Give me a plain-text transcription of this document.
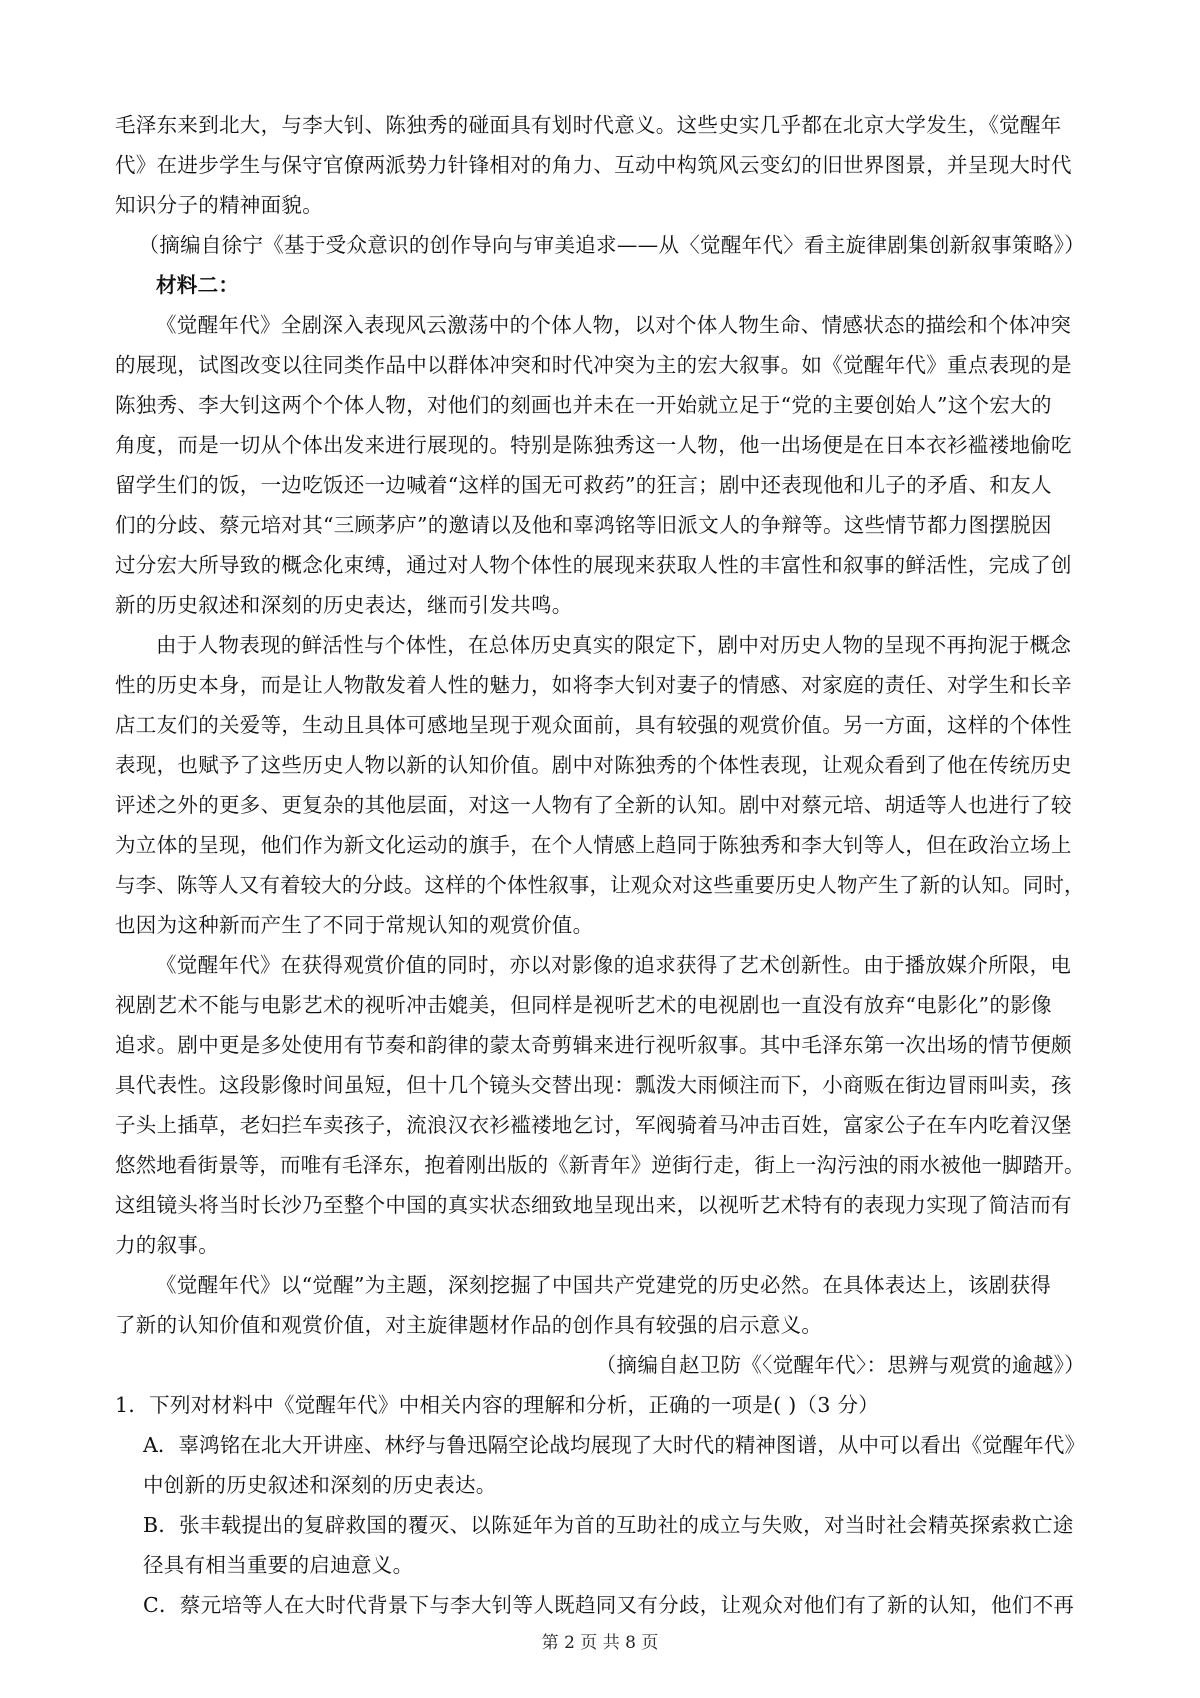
毛泽东来到北大，与李大钊、陈独秀的碰面具有划时代意义。这些史实几乎都在北京大学发生，《觉醒年
代》在进步学生与保守官僚两派势力针锋相对的角力、互动中构筑风云变幻的旧世界图景，并呈现大时代
知识分子的精神面貌。
（摘编自徐宁《基于受众意识的创作导向与审美追求——从〈觉醒年代〉看主旋律剧集创新叙事策略》）
材料二：
《觉醒年代》全剧深入表现风云激荡中的个体人物，以对个体人物生命、情感状态的描绘和个体冲突
的展现，试图改变以往同类作品中以群体冲突和时代冲突为主的宏大叙事。如《觉醒年代》重点表现的是
陈独秀、李大钊这两个个体人物，对他们的刻画也并未在一开始就立足于“党的主要创始人”这个宏大的
角度，而是一切从个体出发来进行展现的。特别是陈独秀这一人物，他一出场便是在日本衣衫褴褛地偷吃
留学生们的饭，一边吃饭还一边喊着“这样的国无可救药”的狂言；剧中还表现他和儿子的矛盾、和友人
们的分歧、蔡元培对其“三顾茅庐”的邀请以及他和辜鸿铭等旧派文人的争辩等。这些情节都力图摆脱因
过分宏大所导致的概念化束缚，通过对人物个体性的展现来获取人性的丰富性和叙事的鲜活性，完成了创
新的历史叙述和深刻的历史表达，继而引发共鸣。
由于人物表现的鲜活性与个体性，在总体历史真实的限定下，剧中对历史人物的呈现不再拘泥于概念
性的历史本身，而是让人物散发着人性的魅力，如将李大钊对妻子的情感、对家庭的责任、对学生和长辛
店工友们的关爱等，生动且具体可感地呈现于观众面前，具有较强的观赏价值。另一方面，这样的个体性
表现，也赋予了这些历史人物以新的认知价值。剧中对陈独秀的个体性表现，让观众看到了他在传统历史
评述之外的更多、更复杂的其他层面，对这一人物有了全新的认知。剧中对蔡元培、胡适等人也进行了较
为立体的呈现，他们作为新文化运动的旗手，在个人情感上趋同于陈独秀和李大钊等人，但在政治立场上
与李、陈等人又有着较大的分歧。这样的个体性叙事，让观众对这些重要历史人物产生了新的认知。同时，
也因为这种新而产生了不同于常规认知的观赏价值。
《觉醒年代》在获得观赏价值的同时，亦以对影像的追求获得了艺术创新性。由于播放媒介所限，电
视剧艺术不能与电影艺术的视听冲击媲美，但同样是视听艺术的电视剧也一直没有放弃“电影化”的影像
追求。剧中更是多处使用有节奏和韵律的蒙太奇剪辑来进行视听叙事。其中毛泽东第一次出场的情节便颇
具代表性。这段影像时间虽短，但十几个镜头交替出现：瓢泼大雨倾注而下，小商贩在街边冒雨叫卖，孩
子头上插草，老妇拦车卖孩子，流浪汉衣衫褴褛地乞讨，军阀骑着马冲击百姓，富家公子在车内吃着汉堡
悠然地看街景等，而唯有毛泽东，抱着刚出版的《新青年》逆街行走，街上一沟污浊的雨水被他一脚踏开。
这组镜头将当时长沙乃至整个中国的真实状态细致地呈现出来，以视听艺术特有的表现力实现了简洁而有
力的叙事。
《觉醒年代》以“觉醒”为主题，深刻挖掘了中国共产党建党的历史必然。在具体表达上，该剧获得
了新的认知价值和观赏价值，对主旋律题材作品的创作具有较强的启示意义。
（摘编自赵卫防《〈觉醒年代〉：思辨与观赏的逾越》）
1．下列对材料中《觉醒年代》中相关内容的理解和分析，正确的一项是( )（3 分）
A．辜鸿铭在北大开讲座、林纾与鲁迅隔空论战均展现了大时代的精神图谱，从中可以看出《觉醒年代》
中创新的历史叙述和深刻的历史表达。
B．张丰载提出的复辟救国的覆灭、以陈延年为首的互助社的成立与失败，对当时社会精英探索救亡途
径具有相当重要的启迪意义。
C．蔡元培等人在大时代背景下与李大钊等人既趋同又有分歧，让观众对他们有了新的认知，他们不再
第 2 页 共 8 页
